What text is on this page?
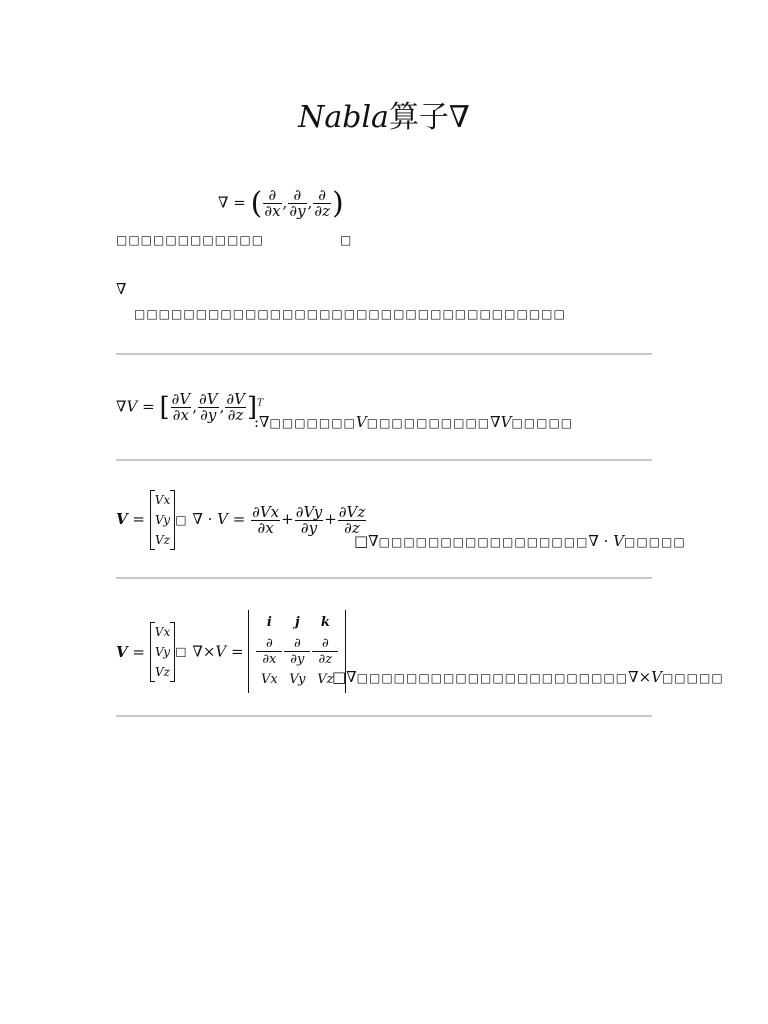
Nabla算子∇
∇ = ( $\frac{\partial}{\partial x}$ , $\frac{\partial}{\partial y}$ , $\frac{\partial}{\partial z}$ )
□□□□□□□□□□□□	□
∇
□□□□□□□□□□□□□□□□□□□□□□□□□□□□□□□□□□□
∇V = [ $\frac{\partial V}{\partial x}$ , $\frac{\partial V}{\partial y}$ , $\frac{\partial V}{\partial z} ]^T$
:∇□□□□□□□V□□□□□□□□□□∇V□□□□□
V = Vx
Vy
Vz□ ∇ · $V = \frac{\partial Vx}{\partial x} + \frac{\partial Vy}{\partial y} + \frac{\partial Vz}{\partial z}$
□∇□□□□□□□□□□□□□□□□□∇ · V□□□□□
V = Vx
Vy
Vz□ ∇×V =
i	j	k
$\frac{\partial}{\partial x} \frac{\partial}{\partial y} \frac{\partial}{\partial z}$
Vx Vy Vz
□∇□□□□□□□□□□□□□□□□□□□□□□∇×V□□□□□
